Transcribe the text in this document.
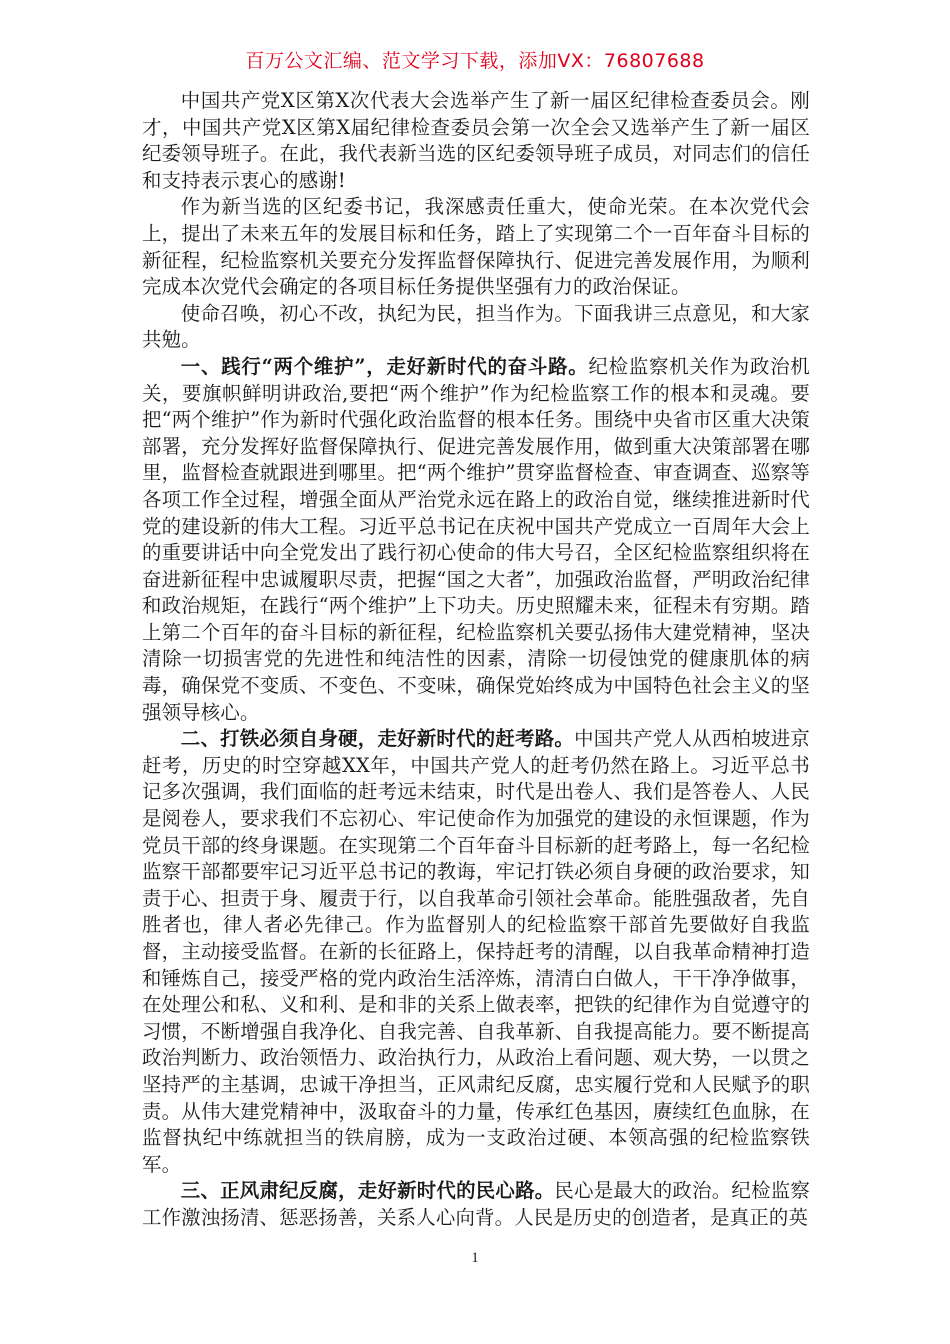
百万公文汇编、范文学习下载，添加VX：76807688

中国共产党X区第X次代表大会选举产生了新一届区纪律检查委员会。刚才，中国共产党X区第X届纪律检查委员会第一次全会又选举产生了新一届区纪委领导班子。在此，我代表新当选的区纪委领导班子成员，对同志们的信任和支持表示衷心的感谢!

作为新当选的区纪委书记，我深感责任重大，使命光荣。在本次党代会上，提出了未来五年的发展目标和任务，踏上了实现第二个一百年奋斗目标的新征程，纪检监察机关要充分发挥监督保障执行、促进完善发展作用，为顺利完成本次党代会确定的各项目标任务提供坚强有力的政治保证。

使命召唤，初心不改，执纪为民，担当作为。下面我讲三点意见，和大家共勉。

一、践行“两个维护”，走好新时代的奋斗路。纪检监察机关作为政治机关，要旗帜鲜明讲政治,要把“两个维护”作为纪检监察工作的根本和灵魂。要把“两个维护”作为新时代强化政治监督的根本任务。围绕中央省市区重大决策部署，充分发挥好监督保障执行、促进完善发展作用，做到重大决策部署在哪里，监督检查就跟进到哪里。把“两个维护”贯穿监督检查、审查调查、巡察等各项工作全过程，增强全面从严治党永远在路上的政治自觉，继续推进新时代党的建设新的伟大工程。习近平总书记在庆祝中国共产党成立一百周年大会上的重要讲话中向全党发出了践行初心使命的伟大号召，全区纪检监察组织将在奋进新征程中忠诚履职尽责，把握“国之大者”，加强政治监督，严明政治纪律和政治规矩，在践行“两个维护”上下功夫。历史照耀未来，征程未有穷期。踏上第二个百年的奋斗目标的新征程，纪检监察机关要弘扬伟大建党精神，坚决清除一切损害党的先进性和纯洁性的因素，清除一切侵蚀党的健康肌体的病毒，确保党不变质、不变色、不变味，确保党始终成为中国特色社会主义的坚强领导核心。

二、打铁必须自身硬，走好新时代的赶考路。中国共产党人从西柏坡进京赶考，历史的时空穿越XX年，中国共产党人的赶考仍然在路上。习近平总书记多次强调，我们面临的赶考远未结束，时代是出卷人、我们是答卷人、人民是阅卷人，要求我们不忘初心、牢记使命作为加强党的建设的永恒课题，作为党员干部的终身课题。在实现第二个百年奋斗目标新的赶考路上，每一名纪检监察干部都要牢记习近平总书记的教诲，牢记打铁必须自身硬的政治要求，知责于心、担责于身、履责于行，以自我革命引领社会革命。能胜强敌者，先自胜者也，律人者必先律己。作为监督别人的纪检监察干部首先要做好自我监督，主动接受监督。在新的长征路上，保持赶考的清醒，以自我革命精神打造和锤炼自己，接受严格的党内政治生活淬炼，清清白白做人，干干净净做事，在处理公和私、义和利、是和非的关系上做表率，把铁的纪律作为自觉遵守的习惯，不断增强自我净化、自我完善、自我革新、自我提高能力。要不断提高政治判断力、政治领悟力、政治执行力，从政治上看问题、观大势，一以贯之坚持严的主基调，忠诚干净担当，正风肃纪反腐，忠实履行党和人民赋予的职责。从伟大建党精神中，汲取奋斗的力量，传承红色基因，赓续红色血脉，在监督执纪中练就担当的铁肩膀，成为一支政治过硬、本领高强的纪检监察铁军。

三、正风肃纪反腐，走好新时代的民心路。民心是最大的政治。纪检监察工作激浊扬清、惩恶扬善，关系人心向背。人民是历史的创造者，是真正的英

1
